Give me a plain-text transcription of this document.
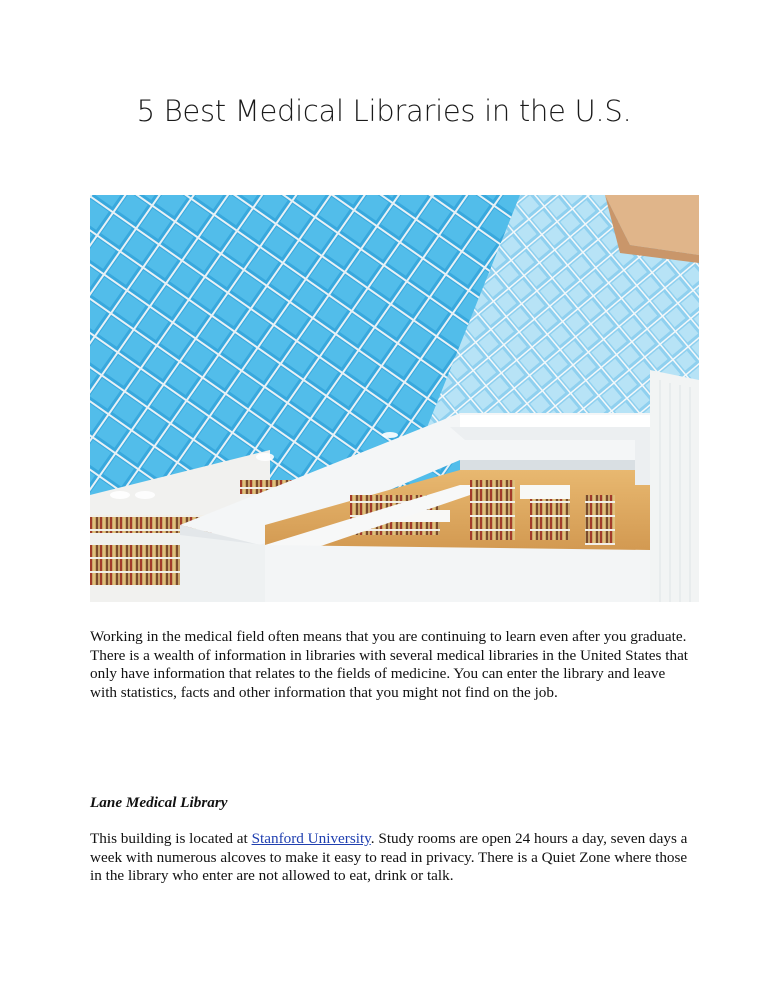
5 Best Medical Libraries in the U.S.

Working in the medical field often means that you are continuing to learn even after you graduate. There is a wealth of information in libraries with several medical libraries in the United States that only have information that relates to the fields of medicine. You can enter the library and leave with statistics, facts and other information that you might not find on the job.

Lane Medical Library

This building is located at Stanford University. Study rooms are open 24 hours a day, seven days a week with numerous alcoves to make it easy to read in privacy. There is a Quiet Zone where those in the library who enter are not allowed to eat, drink or talk.
